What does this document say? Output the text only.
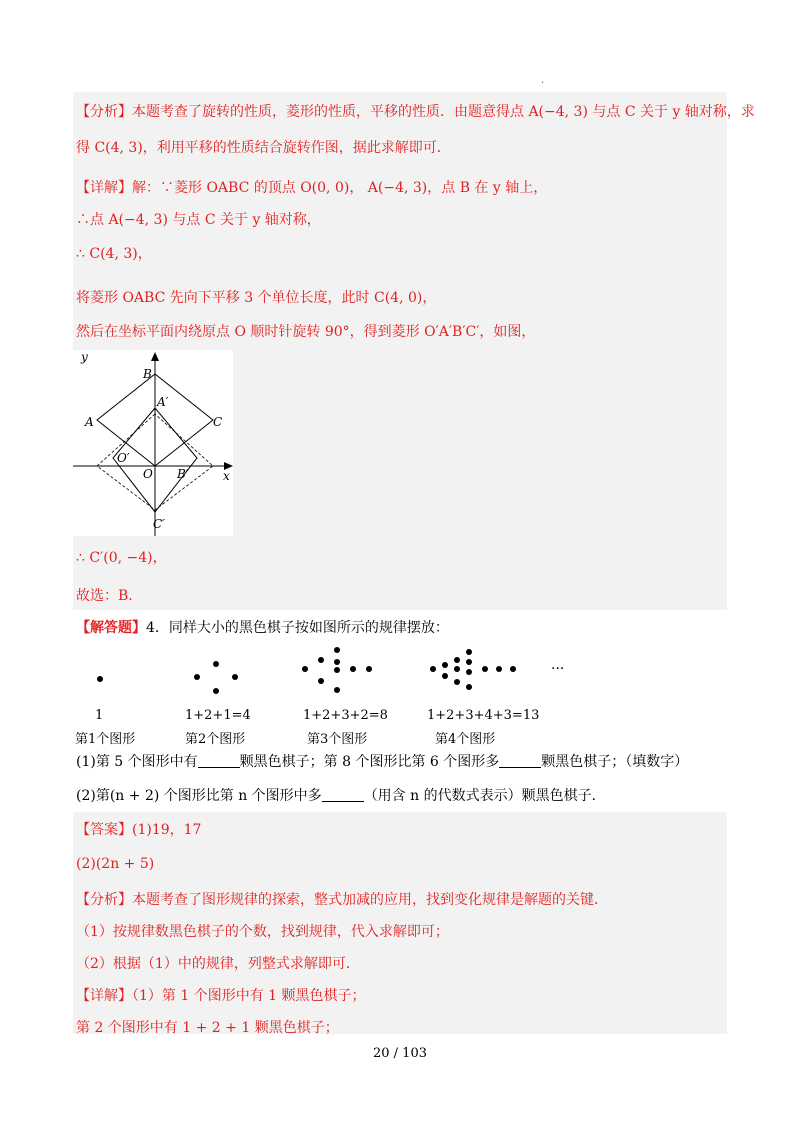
·
【分析】本题考查了旋转的性质，菱形的性质，平移的性质．由题意得点 A(−4, 3) 与点 C 关于 y 轴对称，求
得 C(4, 3)，利用平移的性质结合旋转作图，据此求解即可．
【详解】解：∵菱形 OABC 的顶点 O(0, 0)， A(−4, 3)，点 B 在 y 轴上，
∴点 A(−4, 3) 与点 C 关于 y 轴对称，
∴ C(4, 3)，
将菱形 OABC 先向下平移 3 个单位长度，此时 C(4, 0)，
然后在坐标平面内绕原点 O 顺时针旋转 90°，得到菱形 O′A′B′C′，如图，
y
x
B
A′
A	C
O′
O B′
C′
∴ C′(0, −4)，
故选：B.
【解答题】4．同样大小的黑色棋子按如图所示的规律摆放：
···
1	1+2+1=4	1+2+3+2=8	1+2+3+4+3=13
第1个图形	第2个图形	第3个图形	第4个图形
(1)第 5 个图形中有	颗黑色棋子；第 8 个图形比第 6 个图形多	颗黑色棋子；（填数字）
(2)第(n + 2) 个图形比第 n 个图形中多	（用含 n 的代数式表示）颗黑色棋子．
【答案】(1)19，17
(2)(2n + 5)
【分析】本题考查了图形规律的探索，整式加减的应用，找到变化规律是解题的关键．
（1）按规律数黑色棋子的个数，找到规律，代入求解即可；
（2）根据（1）中的规律，列整式求解即可．
【详解】（1）第 1 个图形中有 1 颗黑色棋子；
第 2 个图形中有 1 + 2 + 1 颗黑色棋子；
20 / 103
